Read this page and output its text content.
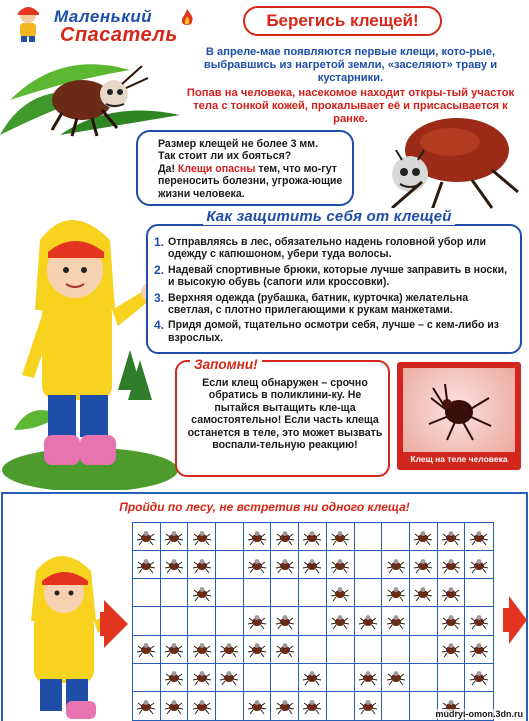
Маленький
Спасатель
Берегись клещей!

В апреле-мае появляются первые клещи, кото-рые, выбравшись из нагретой земли, «заселяют» траву и кустарники.

Попав на человека, насекомое находит откры-тый участок тела с тонкой кожей, прокалывает её и присасывается к ранке.

Размер клещей не более 3 мм.
Так стоит ли их бояться?
Да! Клещи опасны тем, что мо-гут переносить болезни, угрожа-ющие жизни человека.
1. Отправляясь в лес, обязательно надень головной убор или одежду с капюшоном, убери туда волосы.
2. Надевай спортивные брюки, которые лучше заправить в носки, и высокую обувь (сапоги или кроссовки).
3. Верхняя одежда (рубашка, батник, курточка) желательна светлая, с плотно прилегающими к рукам манжетами.
4. Придя домой, тщательно осмотри себя, лучше – с кем-либо из взрослых.
Как защитить себя от клещей
Запомни!
Если клещ обнаружен – срочно обратись в поликлини-ку. Не пытайся вытащить кле-ща самостоятельно! Если часть клеща останется в теле, это может вызвать воспали-тельную реакцию!
Клещ на теле человека
Пройди по лесу, не встретив ни одного клеща!
mudryi-omon.3dn.ru
